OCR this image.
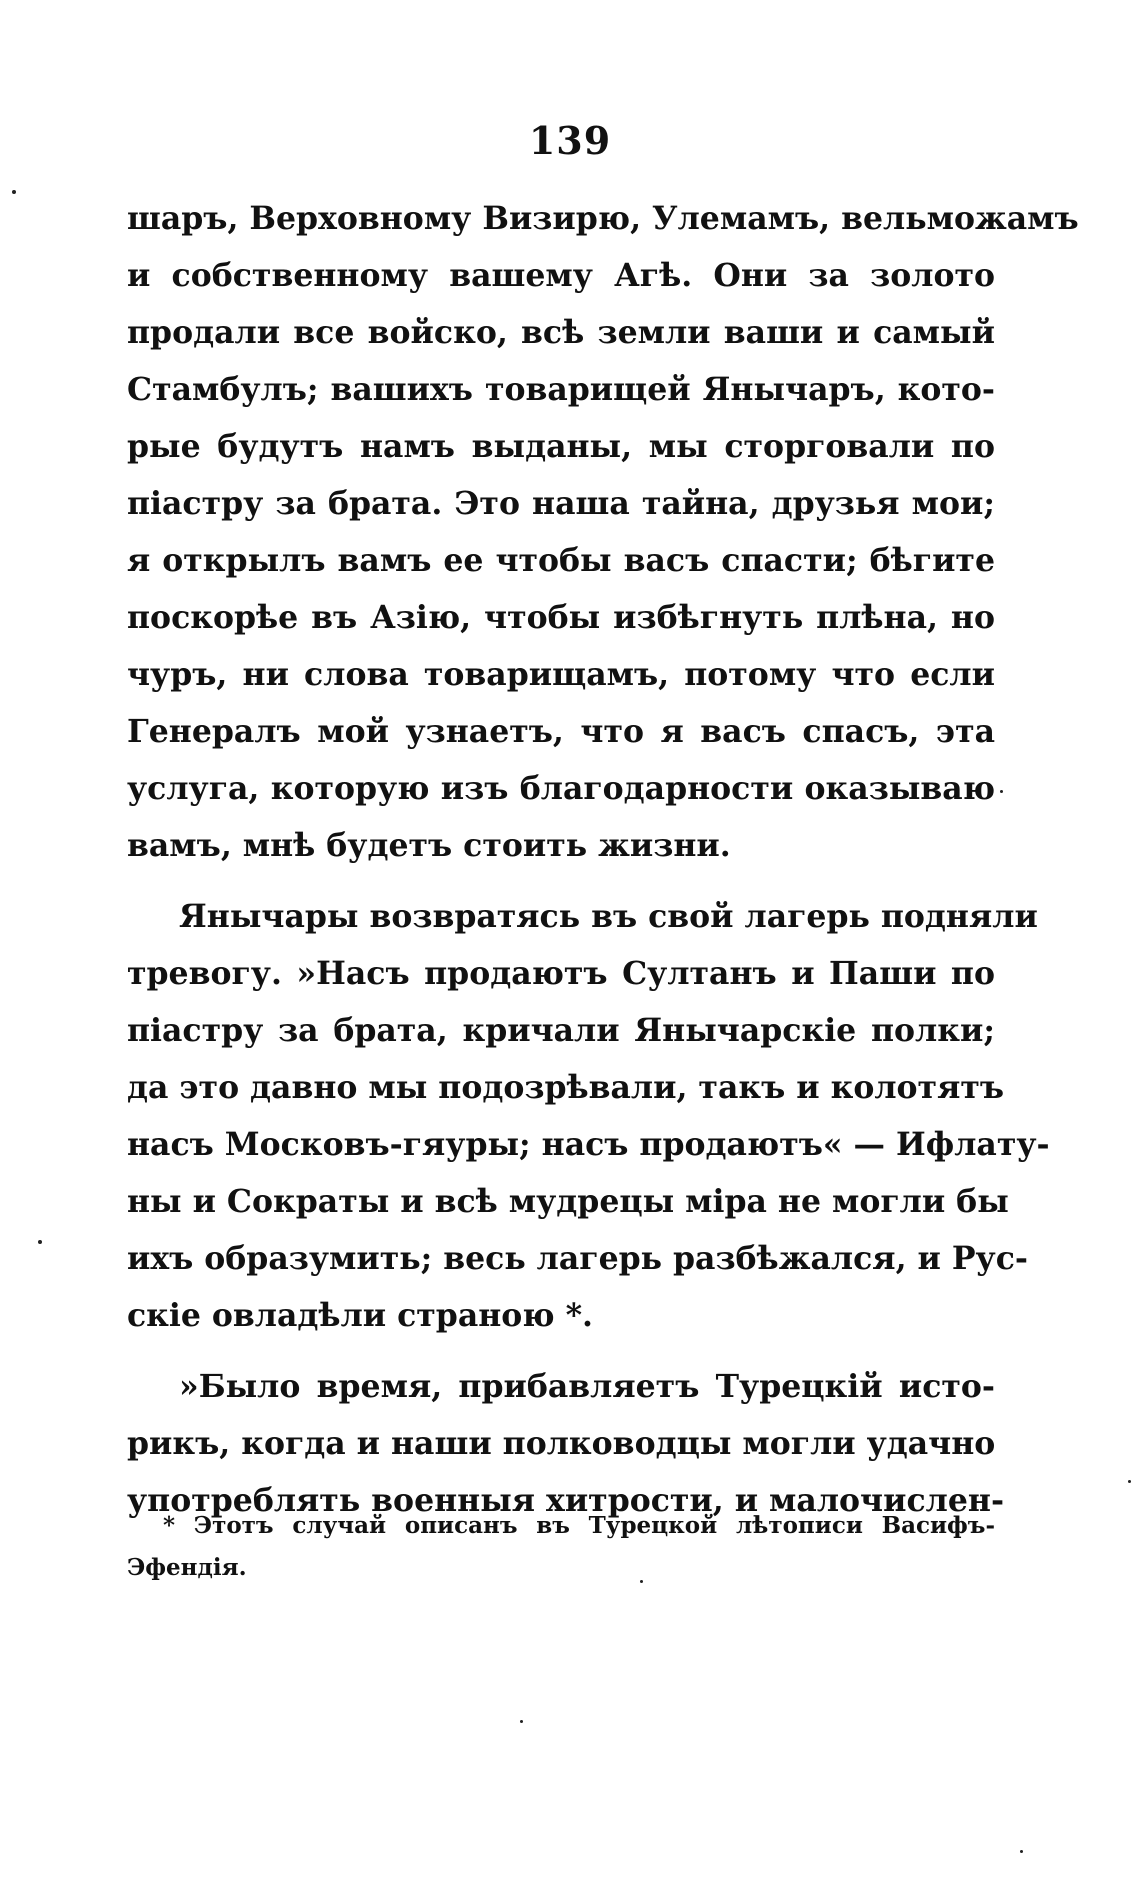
139
шаръ, Верховному Визирю, Улемамъ, вельможамъ
и собственному вашему Агѣ. Они за золото
продали все войско, всѣ земли ваши и самый
Стамбулъ; вашихъ товарищей Янычаръ, кото-
рые будутъ намъ выданы, мы сторговали по
піастру за брата. Это наша тайна, друзья мои;
я открылъ вамъ ее чтобы васъ спасти; бѣгите
поскорѣе въ Азію, чтобы избѣгнуть плѣна, но
чуръ, ни слова товарищамъ, потому что если
Генералъ мой узнаетъ, что я васъ спасъ, эта
услуга, которую изъ благодарности оказываю
вамъ, мнѣ будетъ стоить жизни.
Янычары возвратясь въ свой лагерь подняли
тревогу. »Насъ продаютъ Султанъ и Паши по
піастру за брата, кричали Янычарскіе полки;
да это давно мы подозрѣвали, такъ и колотятъ
насъ Московъ-гяуры; насъ продаютъ« — Ифлату-
ны и Сократы и всѣ мудрецы міра не могли бы
ихъ образумить; весь лагерь разбѣжался, и Рус-
скіе овладѣли страною *.
»Было время, прибавляетъ Турецкій исто-
рикъ, когда и наши полководцы могли удачно
употреблять военныя хитрости, и малочислен-
* Этотъ случай описанъ въ Турецкой лѣтописи Васифъ-
Эфендія.
